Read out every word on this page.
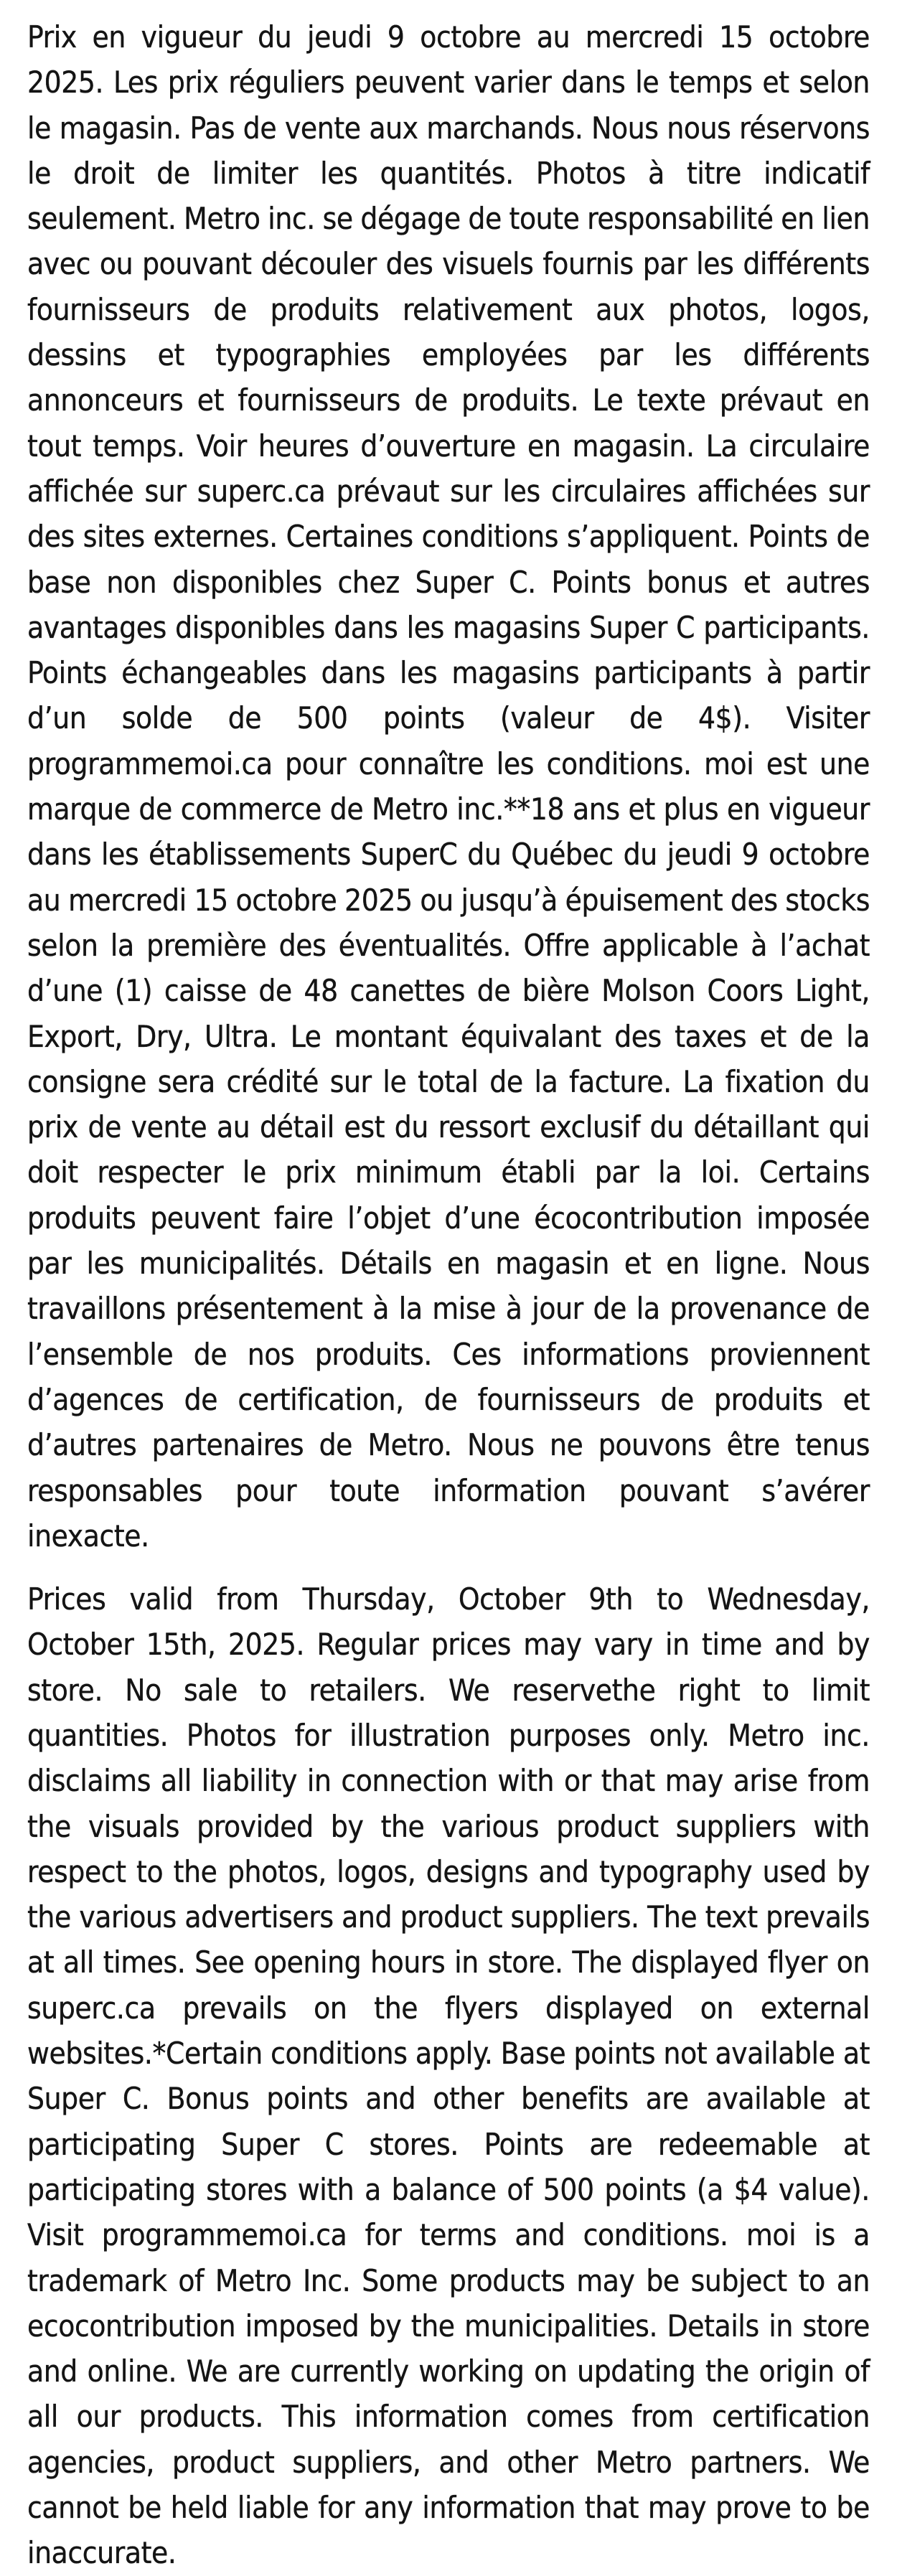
Prix en vigueur du jeudi 9 octobre au mercredi 15 octobre 2025. Les prix réguliers peuvent varier dans le temps et selon le magasin. Pas de vente aux marchands. Nous nous réservons le droit de limiter les quantités. Photos à titre indicatif seulement. Metro inc. se dégage de toute responsabilité en lien avec ou pouvant découler des visuels fournis par les différents fournisseurs de produits relativement aux photos, logos, dessins et typographies employées par les différents annonceurs et fournisseurs de produits. Le texte prévaut en tout temps. Voir heures d’ouverture en magasin. La circulaire affichée sur superc.ca prévaut sur les circulaires affichées sur des sites externes. Certaines conditions s’appliquent. Points de base non disponibles chez Super C. Points bonus et autres avantages disponibles dans les magasins Super C participants. Points échangeables dans les magasins participants à partir d’un solde de 500 points (valeur de 4$). Visiter programmemoi.ca pour connaître les conditions. moi est une marque de commerce de Metro inc.**18 ans et plus en vigueur dans les établissements SuperC du Québec du jeudi 9 octobre au mercredi 15 octobre 2025 ou jusqu’à épuisement des stocks selon la première des éventualités. Offre applicable à l’achat d’une (1) caisse de 48 canettes de bière Molson Coors Light, Export, Dry, Ultra. Le montant équivalant des taxes et de la consigne sera crédité sur le total de la facture. La fixation du prix de vente au détail est du ressort exclusif du détaillant qui doit respecter le prix minimum établi par la loi. Certains produits peuvent faire l’objet d’une écocontribution imposée par les municipalités. Détails en magasin et en ligne. Nous travaillons présentement à la mise à jour de la provenance de l’ensemble de nos produits. Ces informations proviennent d’agences de certification, de fournisseurs de produits et d’autres partenaires de Metro. Nous ne pouvons être tenus responsables pour toute information pouvant s’avérer inexacte.

Prices valid from Thursday, October 9th to Wednesday, October 15th, 2025. Regular prices may vary in time and by store. No sale to retailers. We reservethe right to limit quantities. Photos for illustration purposes only. Metro inc. disclaims all liability in connection with or that may arise from the visuals provided by the various product suppliers with respect to the photos, logos, designs and typography used by the various advertisers and product suppliers. The text prevails at all times. See opening hours in store. The displayed flyer on superc.ca prevails on the flyers displayed on external websites.*Certain conditions apply. Base points not available at Super C. Bonus points and other benefits are available at participating Super C stores. Points are redeemable at participating stores with a balance of 500 points (a $4 value). Visit programmemoi.ca for terms and conditions. moi is a trademark of Metro Inc. Some products may be subject to an ecocontribution imposed by the municipalities. Details in store and online. We are currently working on updating the origin of all our products. This information comes from certification agencies, product suppliers, and other Metro partners. We cannot be held liable for any information that may prove to be inaccurate.
